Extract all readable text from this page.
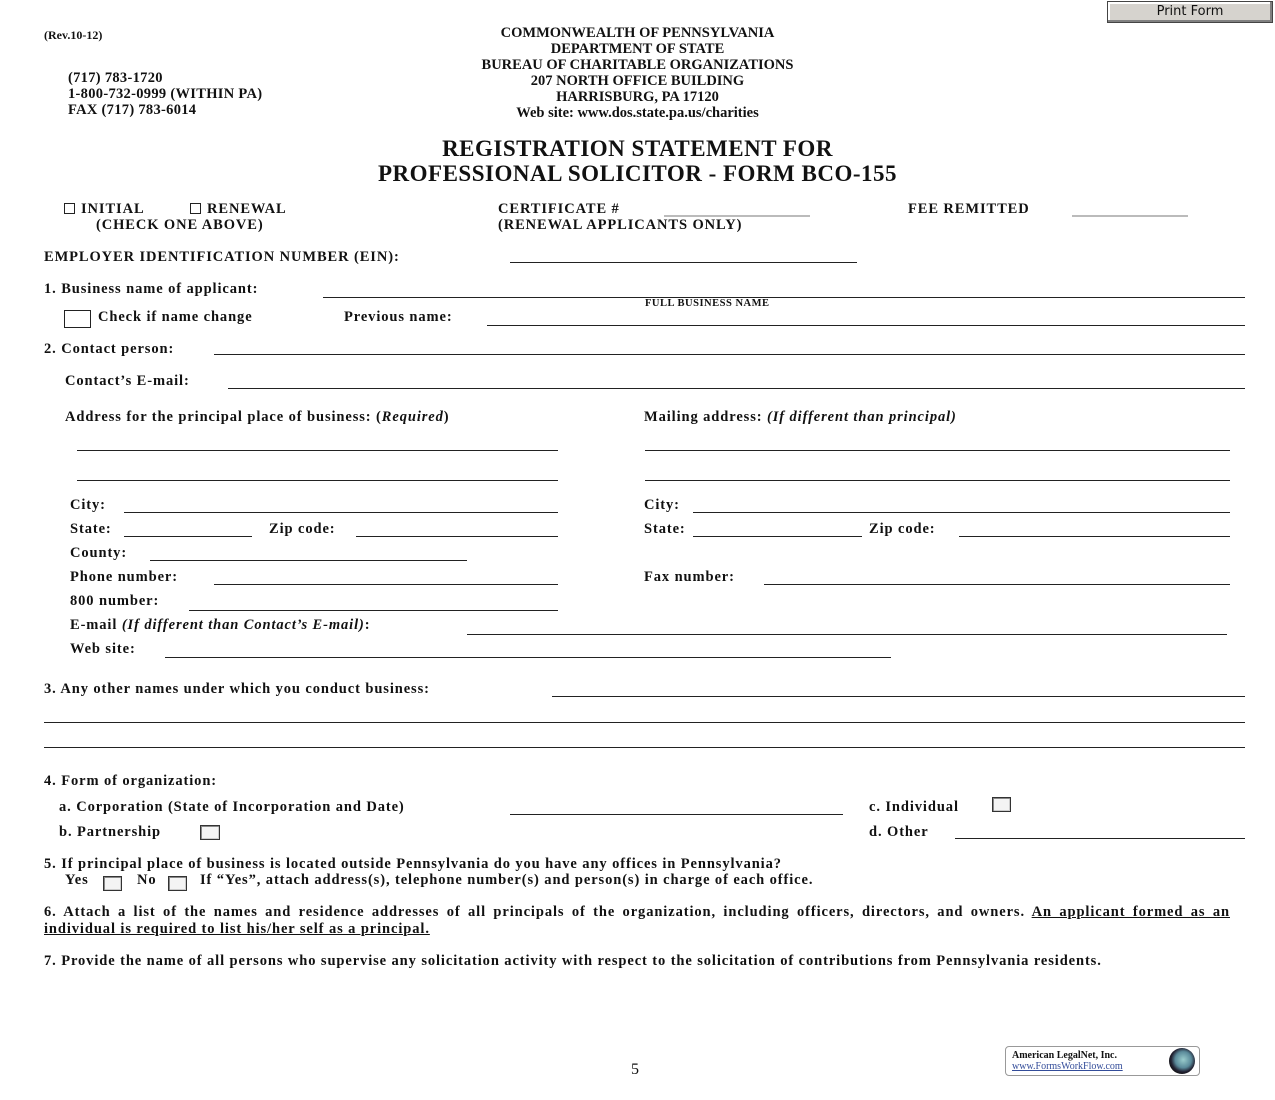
Print Form
(Rev.10-12)	COMMONWEALTH OF PENNSYLVANIA
DEPARTMENT OF STATE
BUREAU OF CHARITABLE ORGANIZATIONS
207 NORTH OFFICE BUILDING
HARRISBURG, PA 17120
Web site: www.dos.state.pa.us/charities
(717) 783-1720
1-800-732-0999 (WITHIN PA)
FAX (717) 783-6014
REGISTRATION STATEMENT FOR
PROFESSIONAL SOLICITOR - FORM BCO-155
INITIAL	RENEWAL
(CHECK ONE ABOVE)
CERTIFICATE #
(RENEWAL APPLICANTS ONLY)
FEE REMITTED
EMPLOYER IDENTIFICATION NUMBER (EIN):
1. Business name of applicant:
FULL BUSINESS NAME
Check if name change	Previous name:
2. Contact person:
Contact’s E-mail:
Address for the principal place of business: (Required)	Mailing address: (If different than principal)
City:	City:
State:	Zip code:	State:	Zip code:
County:
Phone number:	Fax number:
800 number:
E-mail (If different than Contact’s E-mail):
Web site:
3. Any other names under which you conduct business:
4. Form of organization:
a. Corporation (State of Incorporation and Date)	c. Individual
b. Partnership	d. Other
5. If principal place of business is located outside Pennsylvania do you have any offices in Pennsylvania?
Yes	No	If “Yes”, attach address(s), telephone number(s) and person(s) in charge of each office.
6. Attach a list of the names and residence addresses of all principals of the organization, including officers, directors, and owners. An applicant formed as an individual is required to list his/her self as a principal.
7. Provide the name of all persons who supervise any solicitation activity with respect to the solicitation of contributions from Pennsylvania residents.
5
American LegalNet, Inc.
www.FormsWorkFlow.com
